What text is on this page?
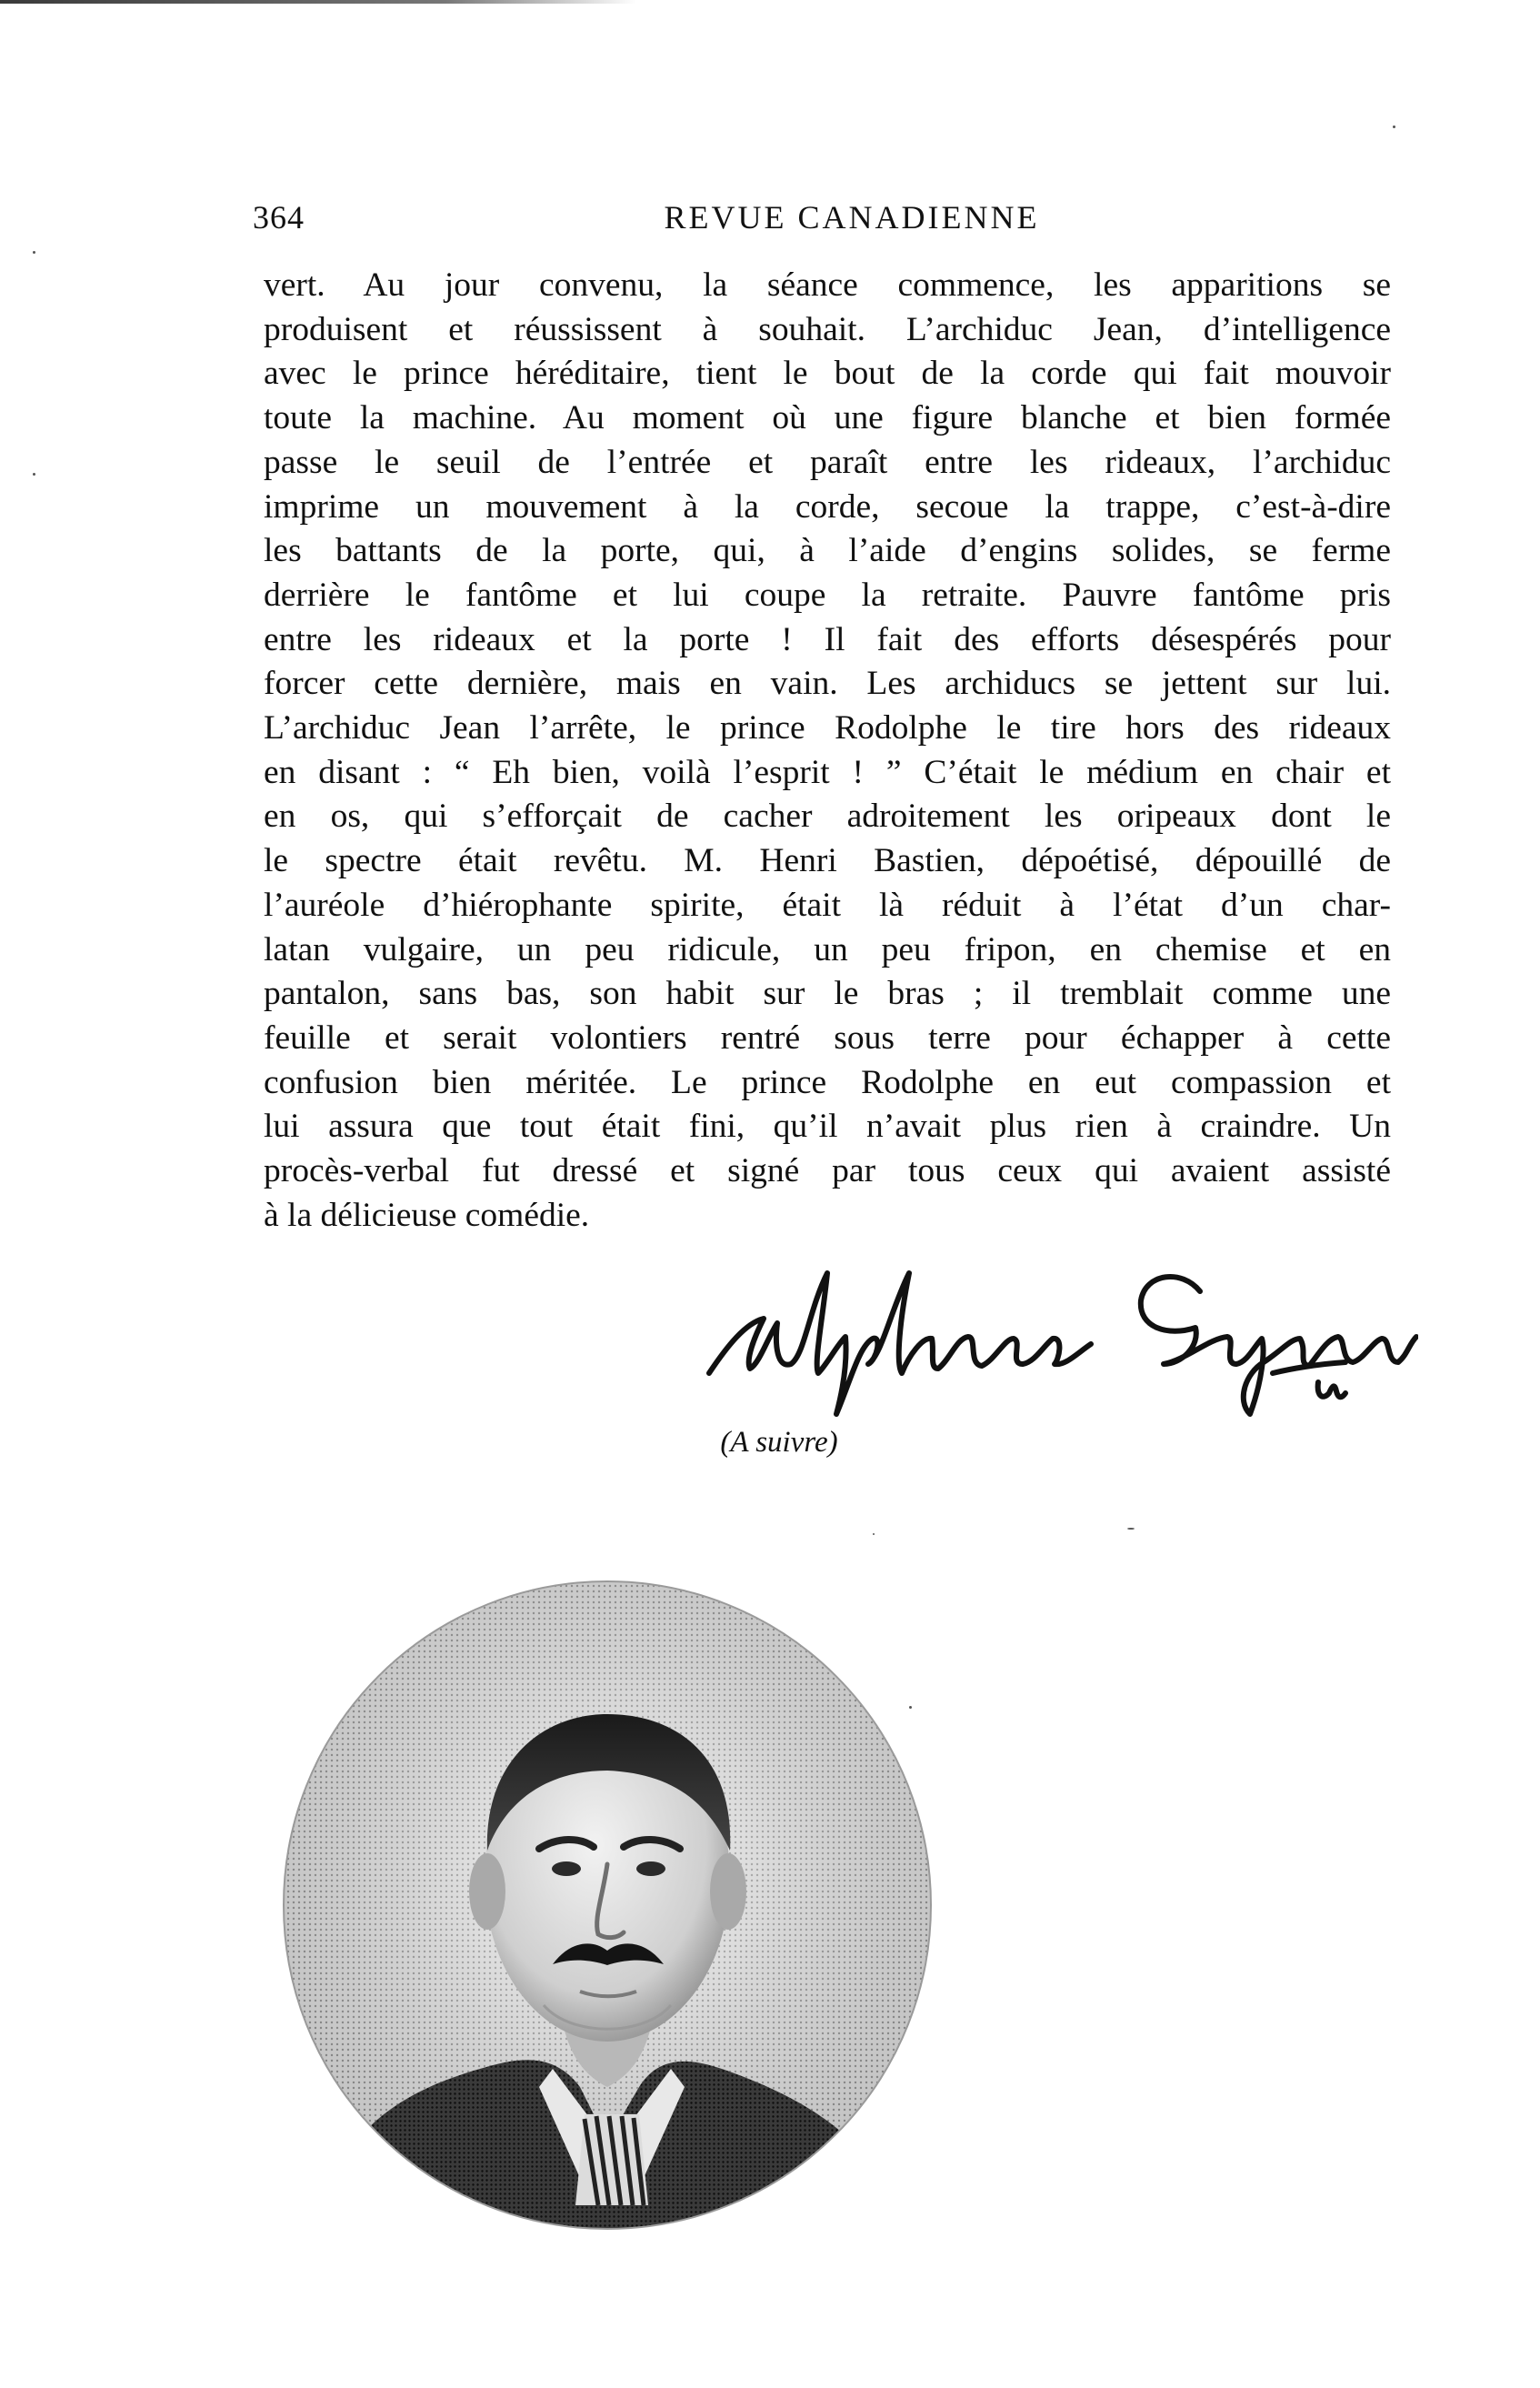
364	REVUE CANADIENNE
vert. Au jour convenu, la séance commence, les apparitions se
produisent et réussissent à souhait. L’archiduc Jean, d’intelligence
avec le prince héréditaire, tient le bout de la corde qui fait mouvoir
toute la machine. Au moment où une figure blanche et bien formée
passe le seuil de l’entrée et paraît entre les rideaux, l’archiduc
imprime un mouvement à la corde, secoue la trappe, c’est-à-dire
les battants de la porte, qui, à l’aide d’engins solides, se ferme
derrière le fantôme et lui coupe la retraite. Pauvre fantôme pris
entre les rideaux et la porte ! Il fait des efforts désespérés pour
forcer cette dernière, mais en vain. Les archiducs se jettent sur lui.
L’archiduc Jean l’arrête, le prince Rodolphe le tire hors des rideaux
en disant : “ Eh bien, voilà l’esprit ! ” C’était le médium en chair et
en os, qui s’efforçait de cacher adroitement les oripeaux dont le
le spectre était revêtu. M. Henri Bastien, dépoétisé, dépouillé de
l’auréole d’hiérophante spirite, était là réduit à l’état d’un char-
latan vulgaire, un peu ridicule, un peu fripon, en chemise et en
pantalon, sans bas, son habit sur le bras ; il tremblait comme une
feuille et serait volontiers rentré sous terre pour échapper à cette
confusion bien méritée. Le prince Rodolphe en eut compassion et
lui assura que tout était fini, qu’il n’avait plus rien à craindre. Un
procès-verbal fut dressé et signé par tous ceux qui avaient assisté
à la délicieuse comédie.
(A suivre)
